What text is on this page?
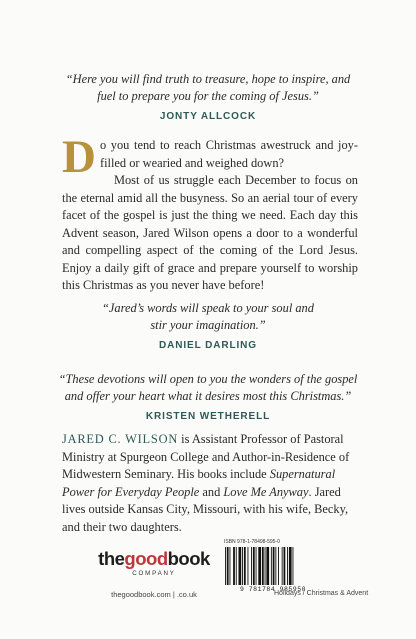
“Here you will find truth to treasure, hope to inspire, and
fuel to prepare you for the coming of Jesus.”
JONTY ALLCOCK
D o you tend to reach Christmas awestruck and joy-filled or wearied and weighed down?

Most of us struggle each December to focus on the eternal amid all the busyness. So an aerial tour of every facet of the gospel is just the thing we need. Each day this Advent season, Jared Wilson opens a door to a wonderful and compelling aspect of the coming of the Lord Jesus. Enjoy a daily gift of grace and prepare yourself to worship this Christmas as you never have before!

“Jared’s words will speak to your soul and
stir your imagination.”
DANIEL DARLING
“These devotions will open to you the wonders of the gospel
and offer your heart what it desires most this Christmas.”
KRISTEN WETHERELL
JARED C. WILSON is Assistant Professor of Pastoral Ministry at Spurgeon College and Author-in-Residence of Midwestern Seminary. His books include Supernatural Power for Everyday People and Love Me Anyway. Jared lives outside Kansas City, Missouri, with his wife, Becky, and their two daughters.
thegoodbook
COMPANY
thegoodbook.com | .co.uk
ISBN 978-1-78498-595-0
9 781784 985950
Holidays / Christmas & Advent
